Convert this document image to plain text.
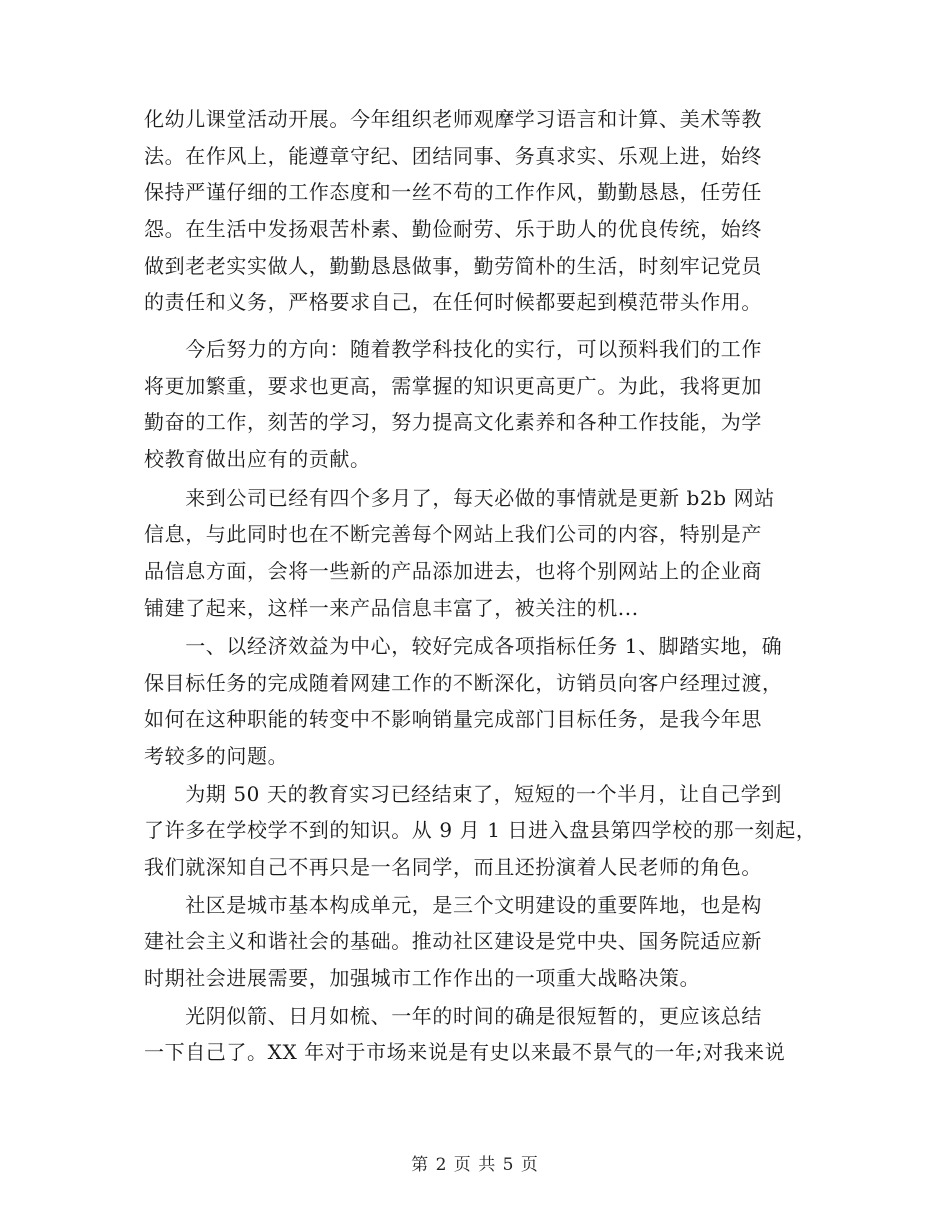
化幼儿课堂活动开展。今年组织老师观摩学习语言和计算、美术等教
法。在作风上，能遵章守纪、团结同事、务真求实、乐观上进，始终
保持严谨仔细的工作态度和一丝不苟的工作作风，勤勤恳恳，任劳任
怨。在生活中发扬艰苦朴素、勤俭耐劳、乐于助人的优良传统，始终
做到老老实实做人，勤勤恳恳做事，勤劳简朴的生活，时刻牢记党员
的责任和义务，严格要求自己，在任何时候都要起到模范带头作用。
　　今后努力的方向：随着教学科技化的实行，可以预料我们的工作
将更加繁重，要求也更高，需掌握的知识更高更广。为此，我将更加
勤奋的工作，刻苦的学习，努力提高文化素养和各种工作技能，为学
校教育做出应有的贡献。
　　来到公司已经有四个多月了，每天必做的事情就是更新 b2b 网站
信息，与此同时也在不断完善每个网站上我们公司的内容，特别是产
品信息方面，会将一些新的产品添加进去，也将个别网站上的企业商
铺建了起来，这样一来产品信息丰富了，被关注的机...
　　一、以经济效益为中心，较好完成各项指标任务 1、脚踏实地，确
保目标任务的完成随着网建工作的不断深化，访销员向客户经理过渡，
如何在这种职能的转变中不影响销量完成部门目标任务，是我今年思
考较多的问题。
　　为期 50 天的教育实习已经结束了，短短的一个半月，让自己学到
了许多在学校学不到的知识。从 9 月 1 日进入盘县第四学校的那一刻起，
我们就深知自己不再只是一名同学，而且还扮演着人民老师的角色。
　　社区是城市基本构成单元，是三个文明建设的重要阵地，也是构
建社会主义和谐社会的基础。推动社区建设是党中央、国务院适应新
时期社会进展需要，加强城市工作作出的一项重大战略决策。
　　光阴似箭、日月如梳、一年的时间的确是很短暂的，更应该总结
一下自己了。XX 年对于市场来说是有史以来最不景气的一年;对我来说
第 2 页 共 5 页
